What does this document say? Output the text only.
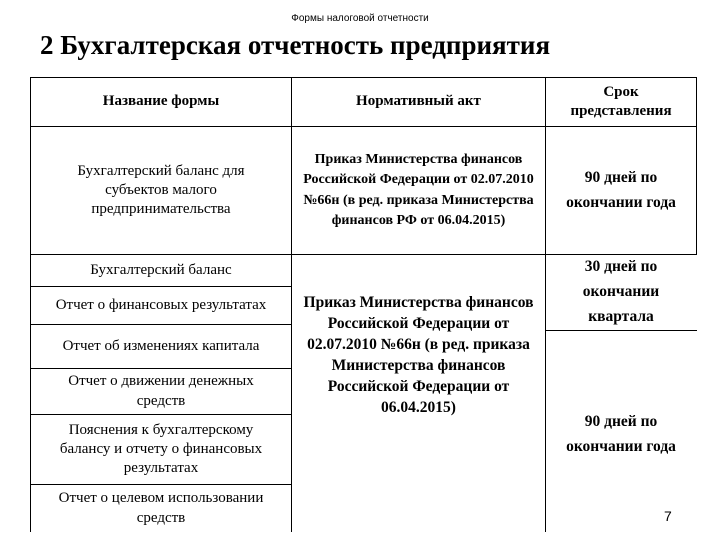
Формы налоговой отчетности
2 Бухгалтерская отчетность предприятия
Название формы	Нормативный акт
Срок представления
Бухгалтерский баланс для субъектов малого предпринимательства
Приказ Министерства финансов Российской Федерации от 02.07.2010 №66н (в ред. приказа Министерства финансов РФ от 06.04.2015)
90 дней по окончании года
Бухгалтерский баланс
Отчет о финансовых результатах
Отчет об изменениях капитала
Отчет о движении денежных средств
Пояснения к бухгалтерскому балансу и отчету о финансовых результатах
Отчет о целевом использовании средств
Приказ Министерства финансов Российской Федерации от 02.07.2010 №66н (в ред. приказа Министерства финансов Российской Федерации от 06.04.2015)
30 дней по окончании квартала
90 дней по окончании года
7
